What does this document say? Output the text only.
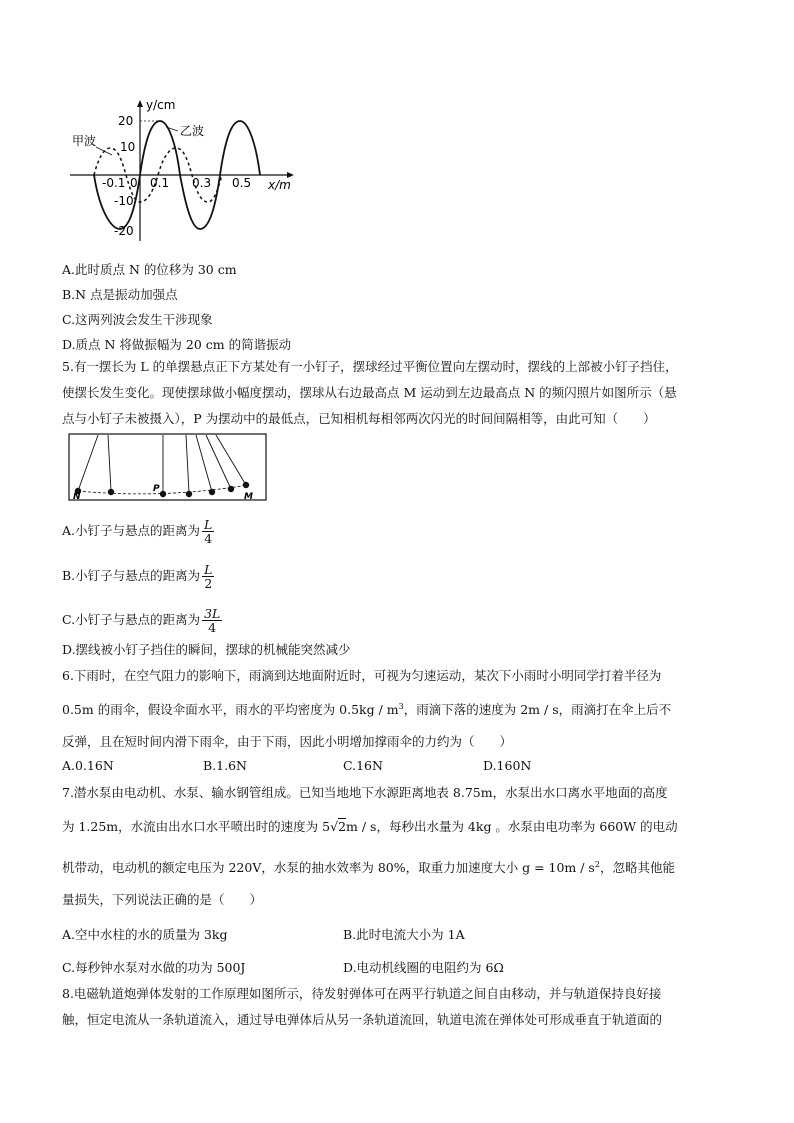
y/cm
x/m
甲波
乙波
20
10
-10
-20
-0.1 0 0.1 0.3 0.5
A.此时质点 N 的位移为 30 cm
B.N 点是振动加强点
C.这两列波会发生干涉现象
D.质点 N 将做振幅为 20 cm 的简谐振动
5.有一摆长为 L 的单摆悬点正下方某处有一小钉子，摆球经过平衡位置向左摆动时，摆线的上部被小钉子挡住，
使摆长发生变化。现使摆球做小幅度摆动，摆球从右边最高点 M 运动到左边最高点 N 的频闪照片如图所示（悬
点与小钉子未被摄入），P 为摆动中的最低点，已知相机每相邻两次闪光的时间间隔相等，由此可知（　　）
N
P
M
A.小钉子与悬点的距离为 $\frac{L}{4}$
B.小钉子与悬点的距离为 $\frac{L}{2}$
C.小钉子与悬点的距离为 $\frac{3L}{4}$
D.摆线被小钉子挡住的瞬间，摆球的机械能突然减少
6.下雨时，在空气阻力的影响下，雨滴到达地面附近时，可视为匀速运动，某次下小雨时小明同学打着半径为
0.5m 的雨伞，假设伞面水平，雨水的平均密度为 $0.5kg / m^3$，雨滴下落的速度为 2m / s，雨滴打在伞上后不
反弹，且在短时间内滑下雨伞，由于下雨，因此小明增加撑雨伞的力约为（　　）
A.0.16N	B.1.6N	C.16N	D.160N
7.潜水泵由电动机、水泵、输水钢管组成。已知当地地下水源距离地表 8.75m，水泵出水口离水平地面的高度
为 1.25m，水流由出水口水平喷出时的速度为 5√2m / s，每秒出水量为 4kg 。水泵由电功率为 660W 的电动
机带动，电动机的额定电压为 220V，水泵的抽水效率为 80%，取重力加速度大小 $g = 10m / s^2$，忽略其他能
量损失，下列说法正确的是（　　）
A.空中水柱的水的质量为 3kg	B.此时电流大小为 1A
C.每秒钟水泵对水做的功为 500J	D.电动机线圈的电阻约为 6Ω
8.电磁轨道炮弹体发射的工作原理如图所示，待发射弹体可在两平行轨道之间自由移动，并与轨道保持良好接
触，恒定电流从一条轨道流入，通过导电弹体后从另一条轨道流回，轨道电流在弹体处可形成垂直于轨道面的
